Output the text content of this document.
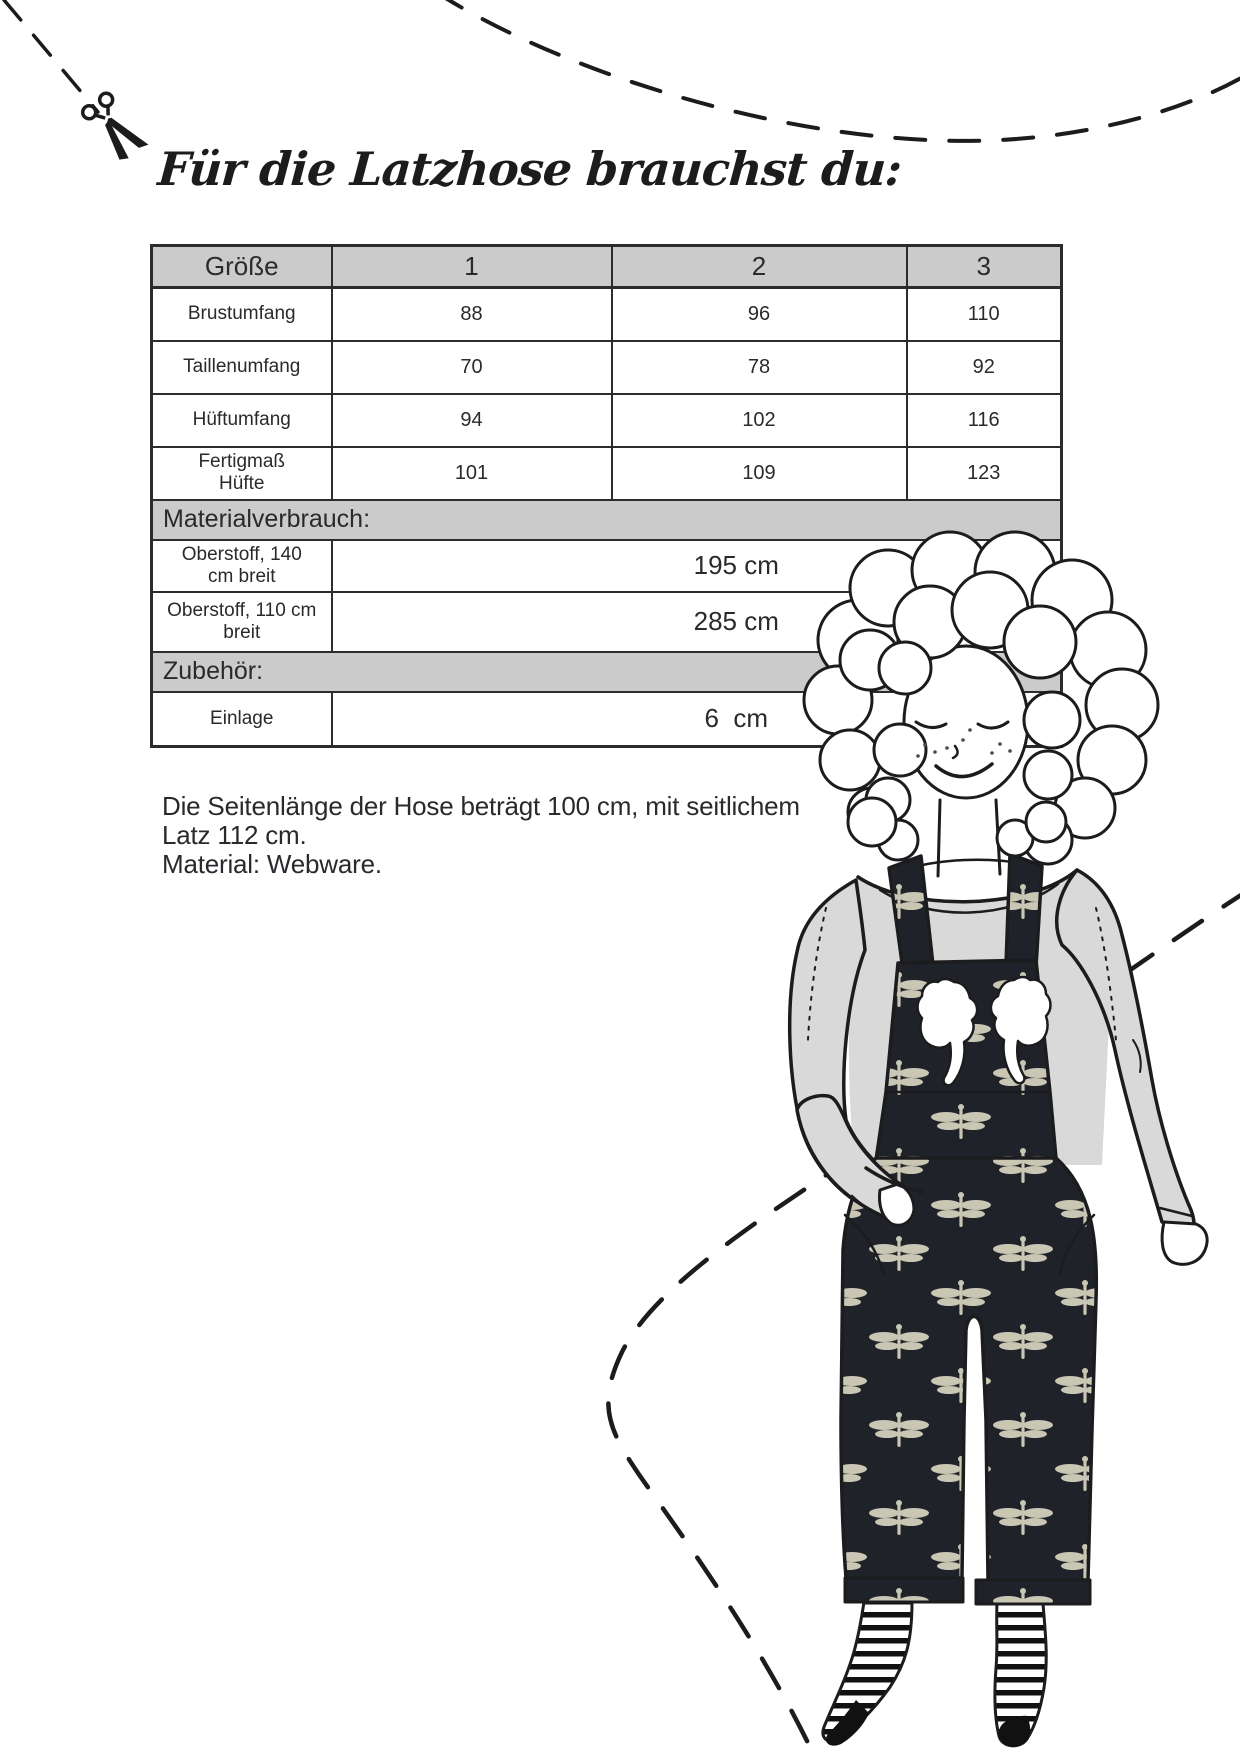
Für die Latzhose brauchst du:
Größe	1	2	3
Brustumfang	88	96	110
Taillenumfang	70	78	92
Hüftumfang	94	102	116
Fertigmaß Hüfte	101	109	123
Materialverbrauch:			
Oberstoff, 140 cm breit	195 cm		
Oberstoff, 110 cm breit	285 cm		
Zubehör:			
Einlage	6  cm		
Die Seitenlänge der Hose beträgt 100 cm, mit seitlichem
Latz 112 cm.
Material: Webware.
